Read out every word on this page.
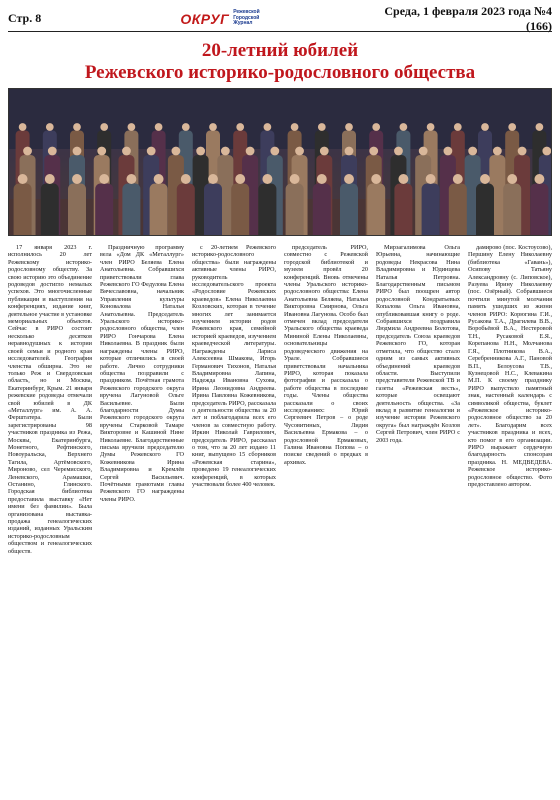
Стр. 8	ОКРУГ Режевской
Городской
Журнал
Среда, 1 февраля 2023 года №4 (166)
20-летний юбилей
Режевского историко-родословного общества

17 января 2023 г. исполнилось 20 лет Режевскому историко-родословному обществу. За свою историю это объединение родоведов достигло немалых успехов. Это многочисленные публикации и выступления на конференциях, издание книг, деятельное участие в установке мемориальных объектов. Сейчас в РИРО состоит несколько десятков неравнодушных к истории своей семьи и родного края исследователей. География членства обширна. Это не только Реж и Свердловская область, но и Москва, Екатеринбург, Крым. 21 января режевские родоведы отмечали свой юбилей в ДК «Металлург» им. А. А. Ферштатера. Были зарегистрированы 98 участников праздника из Режа, Москвы, Екатеринбурга, Монетного, Рефтинского, Новоуральска, Верхнего Тагила, Артёмовского, Мироново, сел Черемисского, Леневского, Арамашки, Останино, Глинского. Городская библиотека предоставила выставку «Нет имени без фамилии». Была организована выставка-продажа генеалогических изданий, изданных Уральским историко-родословным обществом и генеалогических обществ.

Праздничную программу вела «Дом ДК «Металлург» член РИРО Беляева Елена Анатольевна. Собравшихся приветствовали глава Режевского ГО Федулова Елена Вячеславовна, начальник Управления культуры Коновалова Наталья Анатольевна. Председатель Уральского историко-родословного общества, член РИРО Гончарова Елена Николаевна. В праздник были награждены члены РИРО, которые отличились в своей работе. Лично сотрудники общества поздравили с праздником. Почётная грамота Режевского городского округа вручена Лагуновой Ольге Васильевне. Были благодарности Думы Режевского городского округа вручены Старковой Тамаре Викторовне и Кашиной Нине Николаевне. Благодарственные письма вручили председателю Думы Режевского ГО Кожевникова Ирина Владимировна и Кремлёв Сергей Васильевич. Почётными грамотами главы Режевского ГО награждены члены РИРО.

с 20-летием Режевского историко-родословного общества» были награждены активные члены РИРО, руководитель исследовательского проекта «Родословие Режевских краеведов» Елена Николаевна Козловских, которая в течение многих лет занимается изучением истории родов Режевского края, семейной историей краеведов, изучением краеведческой литературы. Награждены Лариса Алексеевна Шмакова, Игорь Германович Тихонов, Наталья Владимировна Лапина, Надежда Ивановна Сухова, Ирина Леонидовна Андреева. Ирина Павловна Кожевникова, председатель РИРО, рассказала о деятельности общества за 20 лет и поблагодарила всех его членов за совместную работу. Иркин Николай Гаврилович, председатель РИРО, рассказал о том, что за 20 лет издано 11 книг, выпущено 15 сборников «Режевская старина», проведено 19 генеалогических конференций, в которых участвовали более 400 человек.

председатель РИРО, совместно с Режевской городской библиотекой и музеем провёл 20 конференций. Вновь отмечены члены Уральского историко-родословного общества: Елена Анатольевна Беляева, Наталья Викторовна Смирнова, Ольга Ивановна Лагунова. Особо был отмечен вклад председателя Уральского общества краеведа Мининой Елены Николаевны, основательницы родоведческого движения на Урале. Собравшиеся приветствовали начальника РИРО, которая показала фотографии и рассказала о работе общества в последние годы. Члены общества рассказали о своих исследованиях: Юрий Сергеевич Петров – о роде Чусовитиных, Лидия Васильевна Ермакова – о родословной Ермаковых, Галина Ивановна Попова – о поиске сведений о предках в архивах.

Мирзагалимова Ольга Юрьевна, начинающие родоведы Некрасова Нина Владимировна и Юдинцева Наталья Петровна. Благодарственным письмом РИРО был поощрен автор родословной Кондратьевых Копалова Ольга Ивановна, опубликовавшая книгу о роде. Собравшихся поздравила Людмила Андреевна Болотова, председатель Союза краеведов Режевского ГО, которая отметила, что общество стало одним из самых активных объединений краеведов области. Выступили представители Режевской ТВ и газеты «Режевская весть», которые освещают деятельность общества. «За вклад в развитие генеалогии и изучение истории Режевского округа» был награждён Козлов Сергей Петрович, член РИРО с 2003 года.

дамирово (пос. Костоусово), Першину Елену Николаевну (библиотека «Гавань»), Осипову Татьяну Александровну (с. Липовское), Разуева Ирину Николаевну (пос. Озёрный). Собравшиеся почтили минутой молчания память ушедших из жизни членов РИРО: Корюгина Г.И., Русакова Т.А., Драгилева В.В., Воробьёвой В.А., Нестеровой Т.Н., Русаковой Е.Я., Корепанова Н.Н., Молчанова Г.Я., Плотникова В.А., Серебренникова А.Г., Пановой В.П., Белоусова Т.В., Кузнецовой Н.С., Клевакина М.П. К своему празднику РИРО выпустило памятный знак, настенный календарь с символикой общества, буклет «Режевское историко-родословное общество за 20 лет». Благодарим всех участников праздника и всех, кто помог в его организации. РИРО выражает сердечную благодарность спонсорам праздника. Н. МЕДВЕДЕВА. Режевское историко-родословное общество. Фото предоставлено автором.
